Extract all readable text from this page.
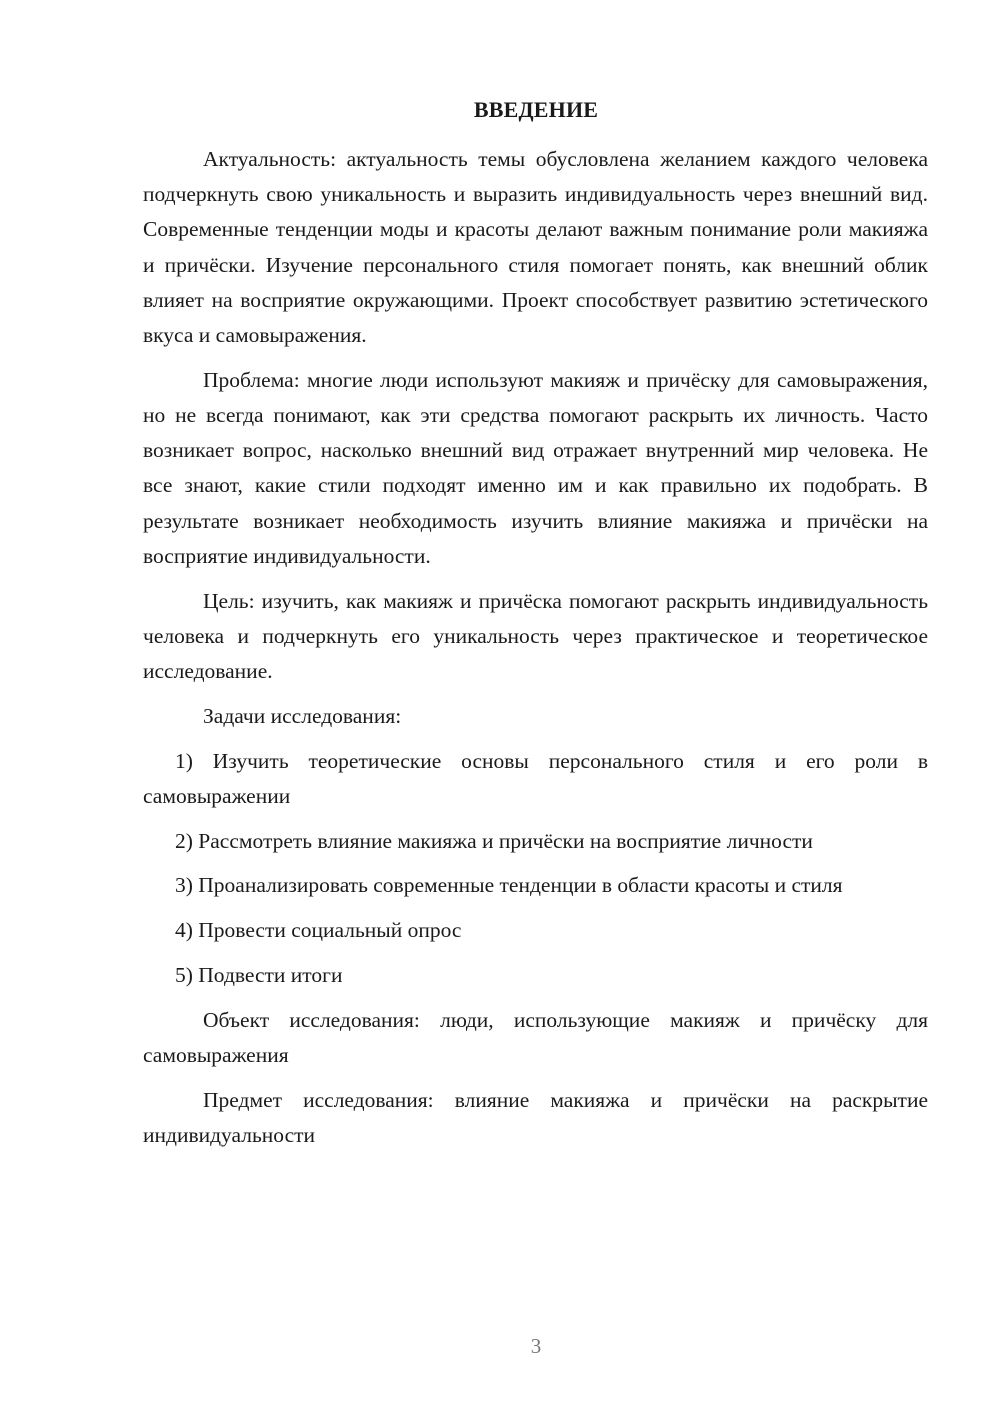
ВВЕДЕНИЕ

Актуальность: актуальность темы обусловлена желанием каждого человека подчеркнуть свою уникальность и выразить индивидуальность через внешний вид. Современные тенденции моды и красоты делают важным понимание роли макияжа и причёски. Изучение персонального стиля помогает понять, как внешний облик влияет на восприятие окружающими. Проект способствует развитию эстетического вкуса и самовыражения.

Проблема: многие люди используют макияж и причёску для самовыражения, но не всегда понимают, как эти средства помогают раскрыть их личность. Часто возникает вопрос, насколько внешний вид отражает внутренний мир человека. Не все знают, какие стили подходят именно им и как правильно их подобрать. В результате возникает необходимость изучить влияние макияжа и причёски на восприятие индивидуальности.

Цель: изучить, как макияж и причёска помогают раскрыть индивидуальность человека и подчеркнуть его уникальность через практическое и теоретическое исследование.

Задачи исследования:

1) Изучить теоретические основы персонального стиля и его роли в самовыражении

2) Рассмотреть влияние макияжа и причёски на восприятие личности

3) Проанализировать современные тенденции в области красоты и стиля

4) Провести социальный опрос

5) Подвести итоги

Объект исследования: люди, использующие макияж и причёску для самовыражения

Предмет исследования: влияние макияжа и причёски на раскрытие индивидуальности

3
